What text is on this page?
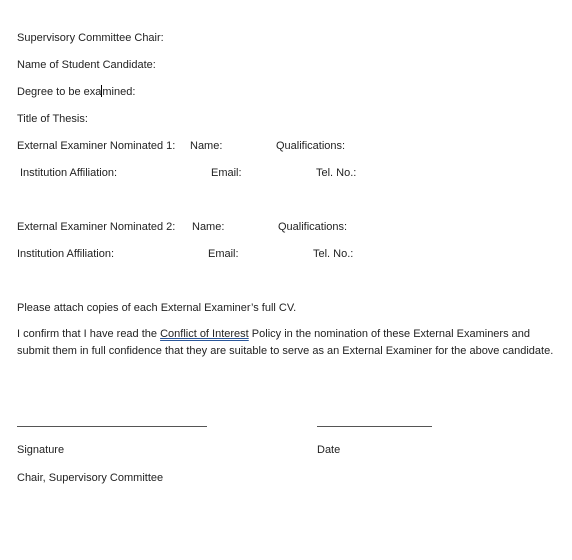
Supervisory Committee Chair:
Name of Student Candidate:
Degree to be examined:
Title of Thesis:
External Examiner Nominated 1: Name:	Qualifications:
Institution Affiliation:	Email:	Tel. No.:
External Examiner Nominated 2: Name:	Qualifications:
Institution Affiliation:	Email:	Tel. No.:
Please attach copies of each External Examiner’s full CV.
I confirm that I have read the Conflict of Interest Policy in the nomination of these External Examiners and submit them in full confidence that they are suitable to serve as an External Examiner for the above candidate.
Signature	Date
Chair, Supervisory Committee
